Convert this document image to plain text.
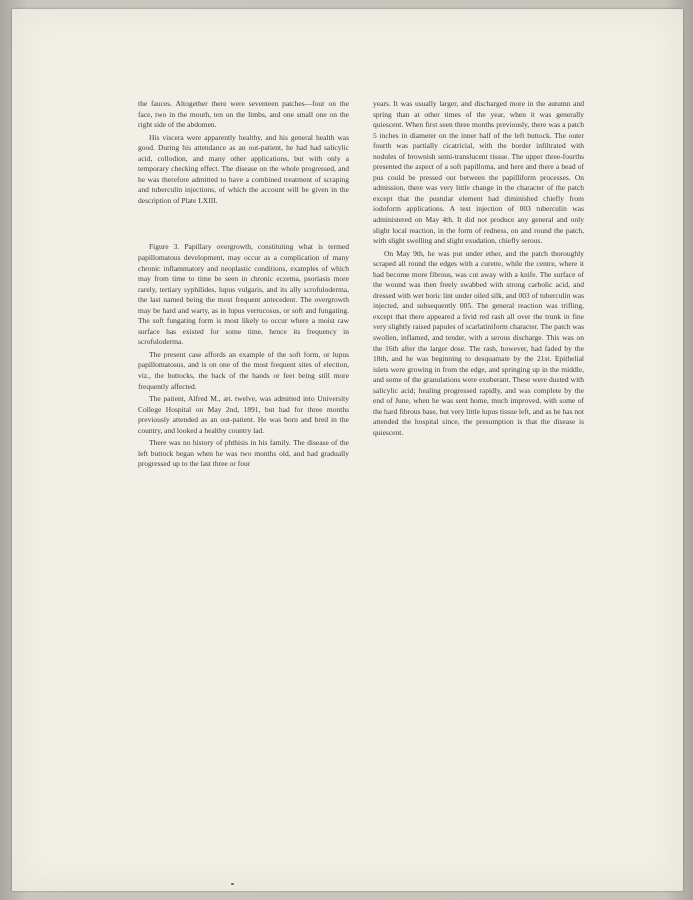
the fauces. Altogether there were seventeen patches—four on the face, two in the mouth, ten on the limbs, and one small one on the right side of the abdomen.

His viscera were apparently healthy, and his general health was good. During his attendance as an out-patient, he had had salicylic acid, collodion, and many other applications, but with only a temporary checking effect. The disease on the whole progressed, and he was therefore admitted to have a combined treatment of scraping and tuberculin injections, of which the account will be given in the description of Plate LXIII.

Figure 3. Papillary overgrowth, constituting what is termed papillomatous development, may occur as a complication of many chronic inflammatory and neoplastic conditions, examples of which may from time to time be seen in chronic eczema, psoriasis more rarely, tertiary syphilides, lupus vulgaris, and its ally scrofuloderma, the last named being the most frequent antecedent. The overgrowth may be hard and warty, as in lupus verrucosus, or soft and fungating. The soft fungating form is most likely to occur where a moist raw surface has existed for some time, hence its frequency in scrofuloderma.

The present case affords an example of the soft form, or lupus papillomatosus, and is on one of the most frequent sites of election, viz., the buttocks, the back of the hands or feet being still more frequently affected.

The patient, Alfred M., æt. twelve, was admitted into University College Hospital on May 2nd, 1891, but had for three months previously attended as an out-patient. He was born and bred in the country, and looked a healthy country lad.

There was no history of phthisis in his family. The disease of the left buttock began when he was two months old, and had gradually progressed up to the last three or four

years. It was usually larger, and discharged more in the autumn and spring than at other times of the year, when it was generally quiescent. When first seen three months previously, there was a patch 5 inches in diameter on the inner half of the left buttock. The outer fourth was partially cicatricial, with the border infiltrated with nodules of brownish semi-translucent tissue. The upper three-fourths presented the aspect of a soft papilloma, and here and there a bead of pus could be pressed out between the papilliform processes. On admission, there was very little change in the character of the patch except that the pustular element had diminished chiefly from iodoform applications. A test injection of 003 tuberculin was administered on May 4th. It did not produce any general and only slight local reaction, in the form of redness, on and round the patch, with slight swelling and slight exudation, chiefly serous.

On May 9th, he was put under ether, and the patch thoroughly scraped all round the edges with a curette, while the centre, where it had become more fibrous, was cut away with a knife. The surface of the wound was then freely swabbed with strong carbolic acid, and dressed with wet boric lint under oiled silk, and 003 of tuberculin was injected, and subsequently 005. The general reaction was trifling, except that there appeared a livid red rash all over the trunk in fine very slightly raised papules of scarlatiniform character. The patch was swollen, inflamed, and tender, with a serous discharge. This was on the 16th after the larger dose. The rash, however, had faded by the 18th, and he was beginning to desquamate by the 21st. Epithelial islets were growing in from the edge, and springing up in the middle, and some of the granulations were exuberant. These were dusted with salicylic acid; healing progressed rapidly, and was complete by the end of June, when he was sent home, much improved, with some of the hard fibrous base, but very little lupus tissue left, and as he has not attended the hospital since, the presumption is that the disease is quiescent.
